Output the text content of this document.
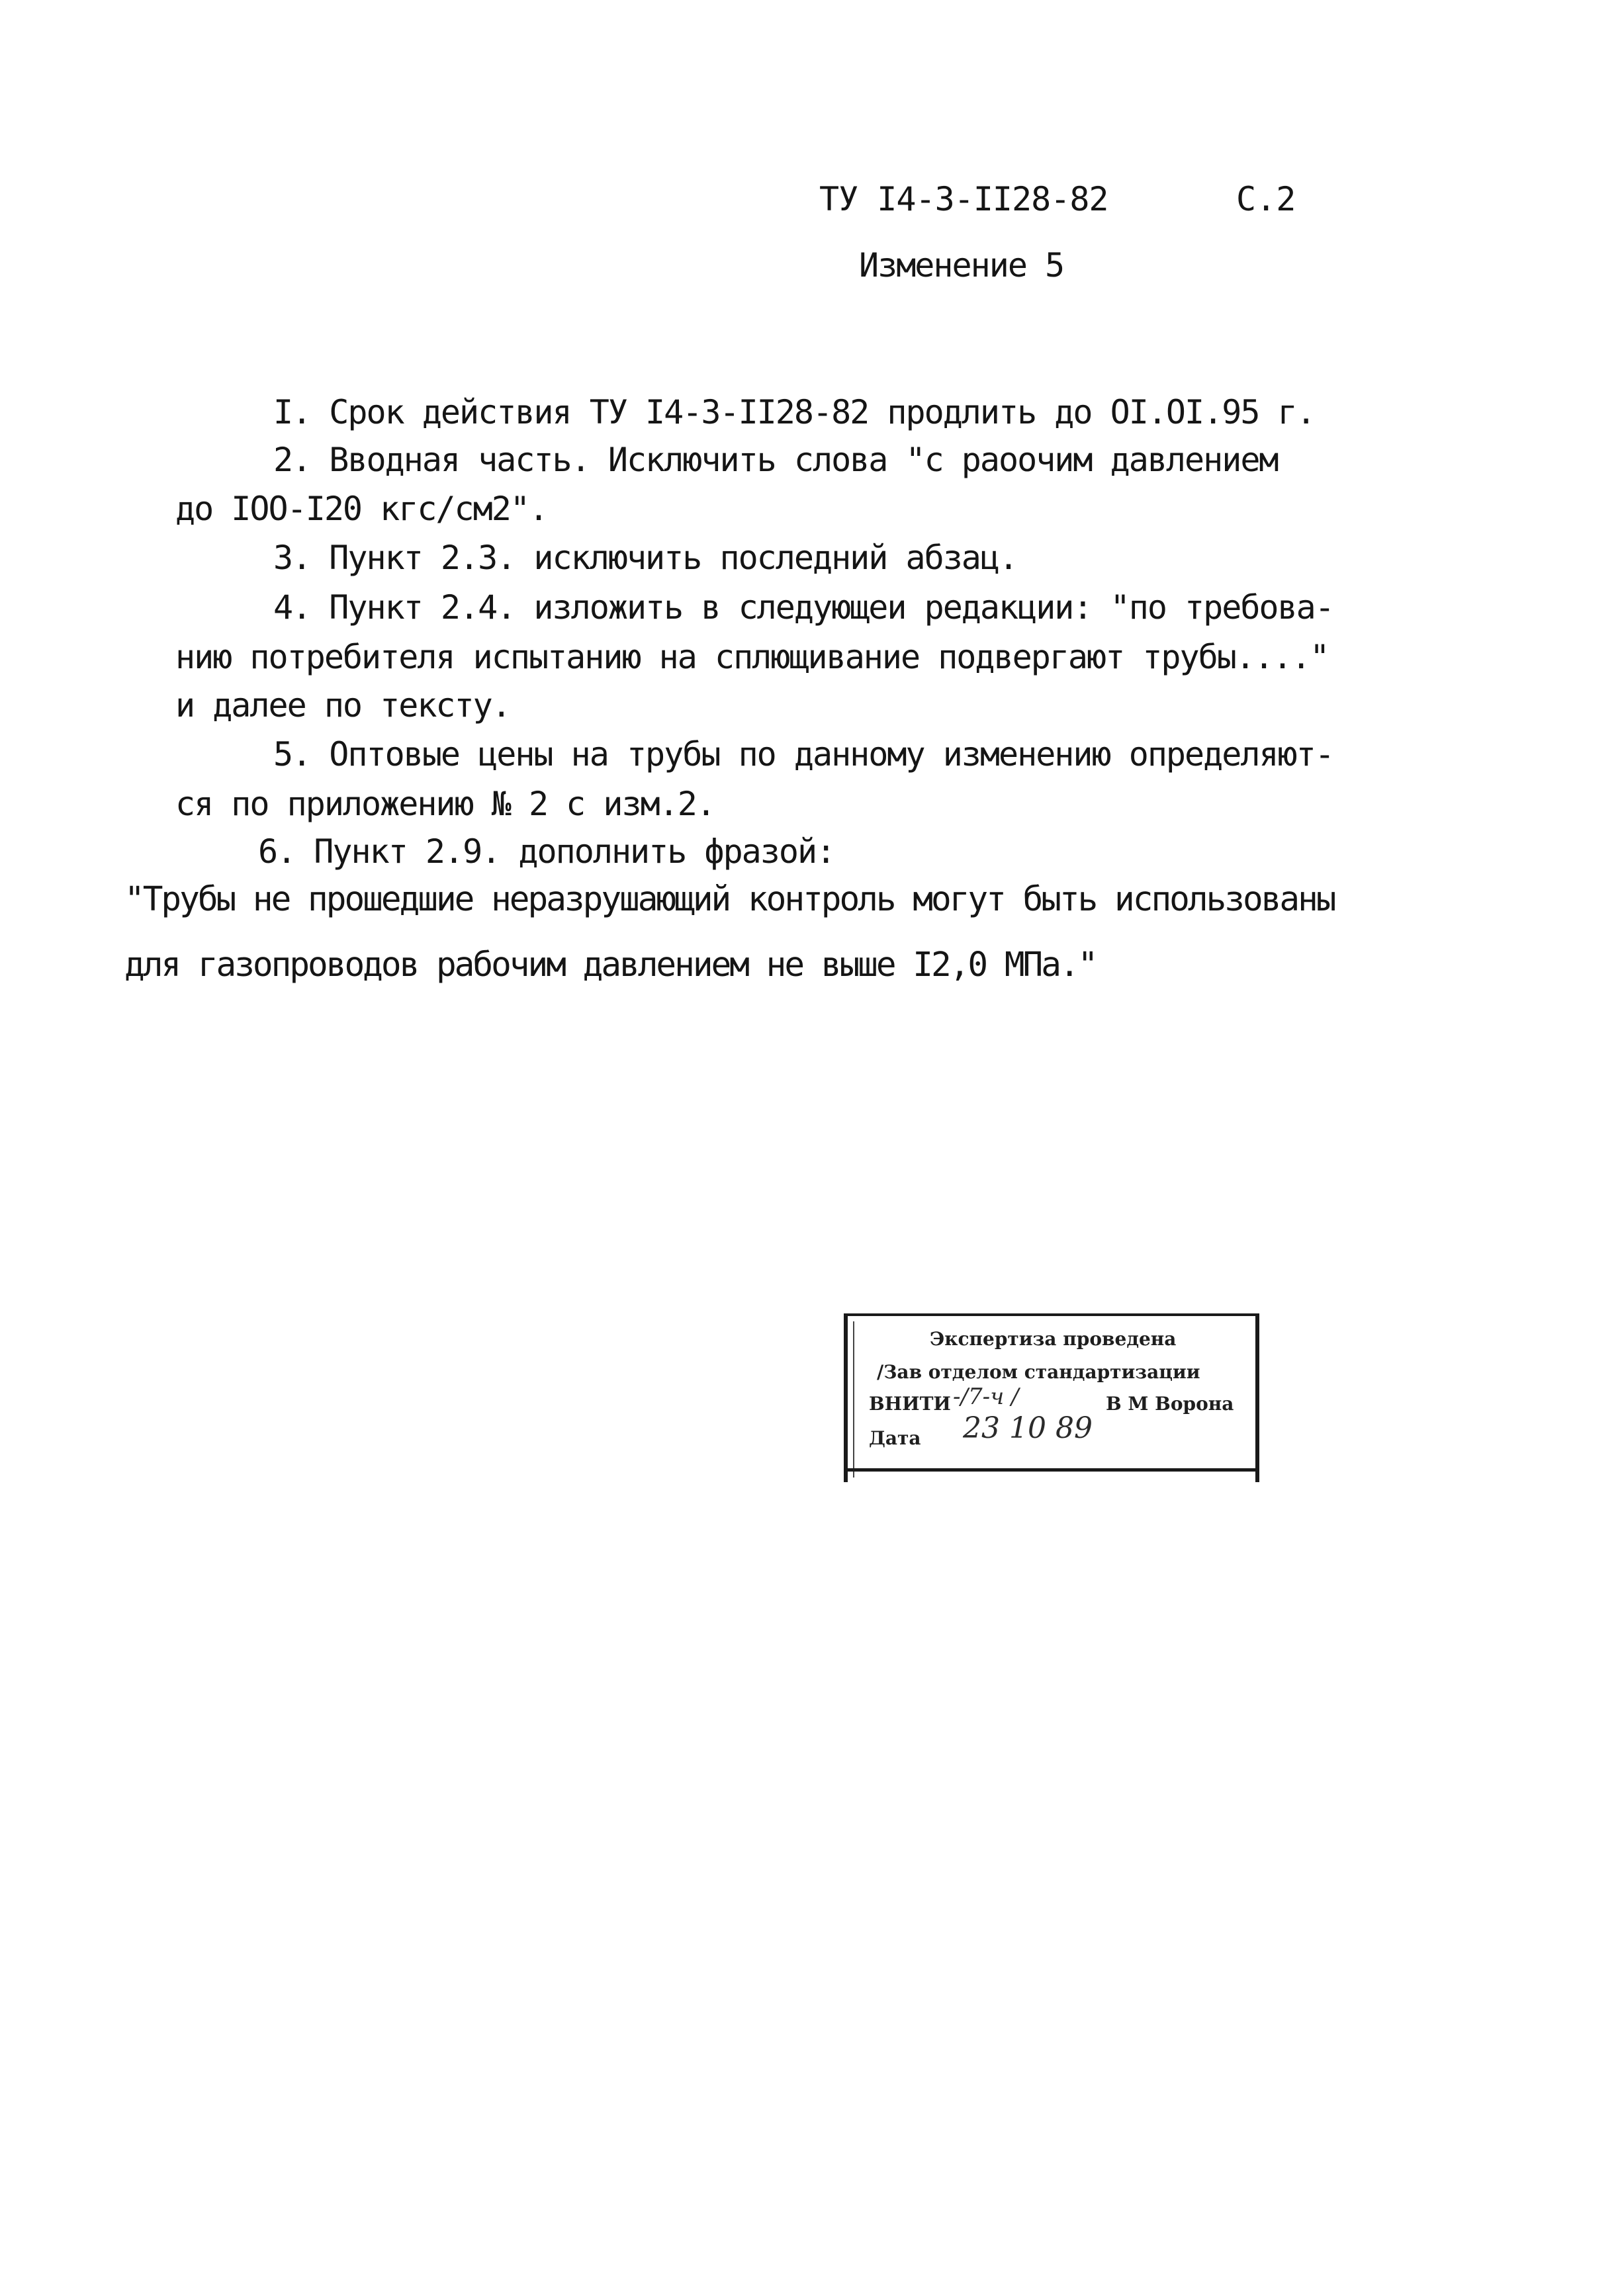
ТУ I4-3-II28-82	С.2
Изменение 5
I. Срок действия ТУ I4-3-II28-82 продлить до OI.OI.95 г.
2. Вводная часть. Исключить слова "с раоочим давлением
до IOO-I20 кгс/см2".
3. Пункт 2.3. исключить последний абзац.
4. Пункт 2.4. изложить в следующеи редакции: "по требова-
нию потребителя испытанию на сплющивание подвергают трубы...."
и далее по тексту.
5. Оптовые цены на трубы по данному изменению определяют-
ся по приложению № 2 с изм.2.
6. Пункт 2.9. дополнить фразой:
"Трубы не прошедшие неразрушающий контроль могут быть использованы
для газопроводов рабочим давлением не выше I2,0 МПа."
Экспертиза проведена
/Зав отделом стандартизации
ВНИТИ -/7-ч /	В М Ворона
Дата 23 10 89
